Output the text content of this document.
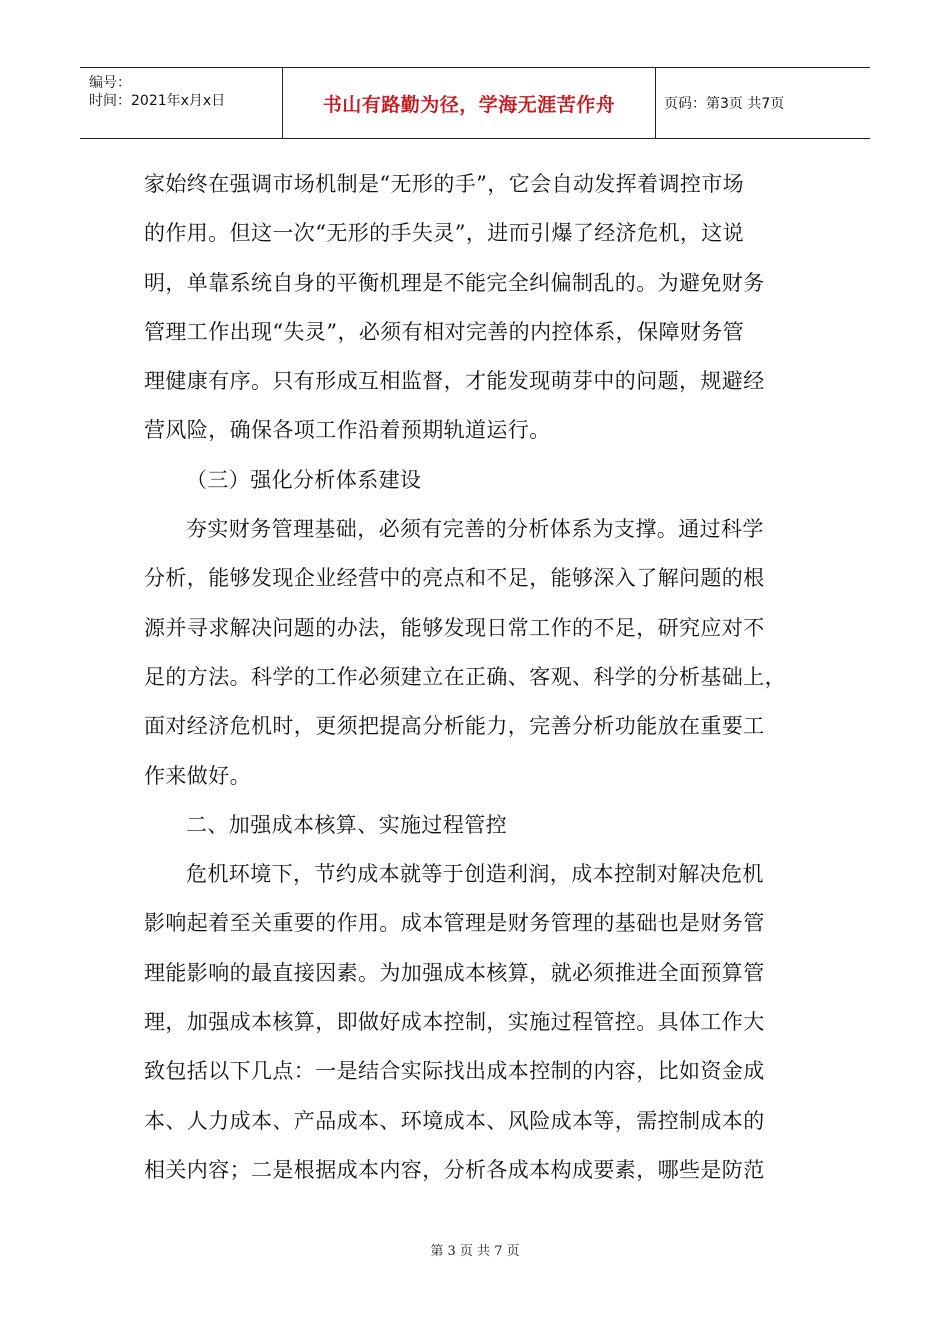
编号：
时间：2021年x月x日	书山有路勤为径，学海无涯苦作舟	页码：第3页 共7页
家始终在强调市场机制是“无形的手”，它会自动发挥着调控市场
的作用。但这一次“无形的手失灵”，进而引爆了经济危机，这说
明，单靠系统自身的平衡机理是不能完全纠偏制乱的。为避免财务
管理工作出现“失灵”，必须有相对完善的内控体系，保障财务管
理健康有序。只有形成互相监督，才能发现萌芽中的问题，规避经
营风险，确保各项工作沿着预期轨道运行。
（三）强化分析体系建设
夯实财务管理基础，必须有完善的分析体系为支撑。通过科学
分析，能够发现企业经营中的亮点和不足，能够深入了解问题的根
源并寻求解决问题的办法，能够发现日常工作的不足，研究应对不
足的方法。科学的工作必须建立在正确、客观、科学的分析基础上，
面对经济危机时，更须把提高分析能力，完善分析功能放在重要工
作来做好。
二、加强成本核算、实施过程管控
危机环境下，节约成本就等于创造利润，成本控制对解决危机
影响起着至关重要的作用。成本管理是财务管理的基础也是财务管
理能影响的最直接因素。为加强成本核算，就必须推进全面预算管
理，加强成本核算，即做好成本控制，实施过程管控。具体工作大
致包括以下几点：一是结合实际找出成本控制的内容，比如资金成
本、人力成本、产品成本、环境成本、风险成本等，需控制成本的
相关内容；二是根据成本内容，分析各成本构成要素，哪些是防范
第 3 页 共 7 页
